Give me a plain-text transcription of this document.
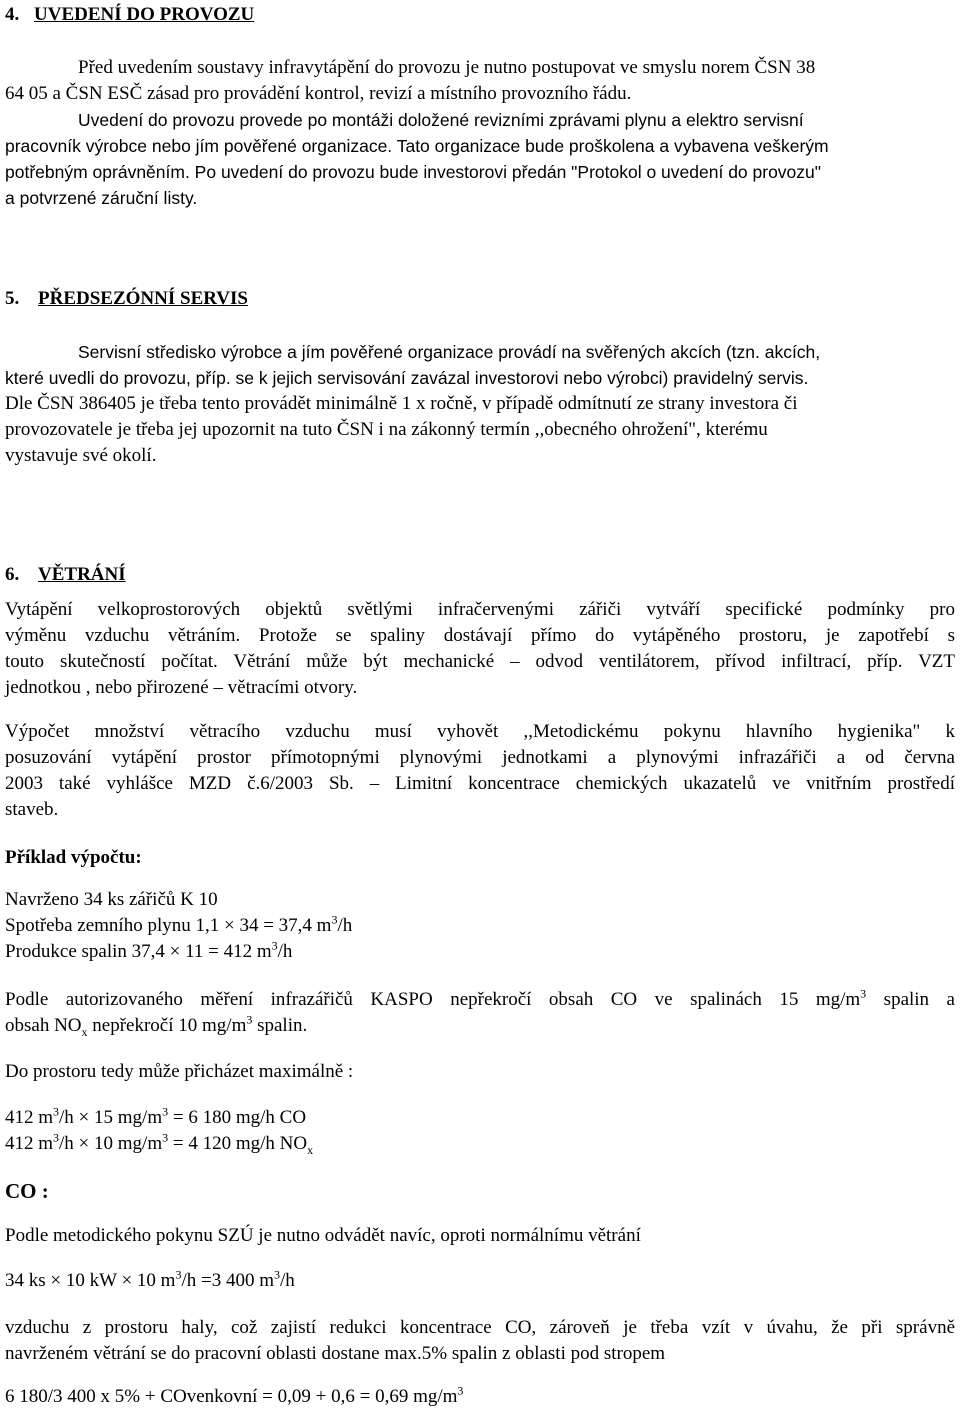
4. UVEDENÍ DO PROVOZU
Před uvedením soustavy infravytápění do provozu je nutno postupovat ve smyslu norem ČSN 38
64 05 a ČSN ESČ zásad pro provádění kontrol, revizí a místního provozního řádu.
Uvedení do provozu provede po montáži doložené revizními zprávami plynu a elektro servisní
pracovník výrobce nebo jím pověřené organizace. Tato organizace bude proškolena a vybavena veškerým
potřebným oprávněním. Po uvedení do provozu bude investorovi předán "Protokol o uvedení do provozu"
a potvrzené záruční listy.
5. PŘEDSEZÓNNÍ SERVIS
Servisní středisko výrobce a jím pověřené organizace provádí na svěřených akcích (tzn. akcích,
které uvedli do provozu, příp. se k jejich servisování zavázal investorovi nebo výrobci) pravidelný servis.
Dle ČSN 386405 je třeba tento provádět minimálně 1 x ročně, v případě odmítnutí ze strany investora či
provozovatele je třeba jej upozornit na tuto ČSN i na zákonný termín ,,obecného ohrožení", kterému
vystavuje své okolí.
6. VĚTRÁNÍ
Vytápění velkoprostorových objektů světlými infračervenými zářiči vytváří specifické podmínky pro
výměnu vzduchu větráním. Protože se spaliny dostávají přímo do vytápěného prostoru, je zapotřebí s
touto skutečností počítat. Větrání může být mechanické – odvod ventilátorem, přívod infiltrací, příp. VZT
jednotkou , nebo přirozené – větracími otvory.
Výpočet množství větracího vzduchu musí vyhovět ,,Metodickému pokynu hlavního hygienika" k
posuzování vytápění prostor přímotopnými plynovými jednotkami a plynovými infrazářiči a od června
2003 také vyhlášce MZD č.6/2003 Sb. – Limitní koncentrace chemických ukazatelů ve vnitřním prostředí
staveb.
Příklad výpočtu:
Navrženo 34 ks zářičů K 10
Spotřeba zemního plynu 1,1 × 34 = 37,4 $m^3/h$
Produkce spalin 37,4 × 11 = 412 $m^3/h$
Podle autorizovaného měření infrazářičů KASPO nepřekročí obsah CO ve spalinách 15 $mg/m^3$ spalin a
obsah $NO_x$ nepřekročí 10 $mg/m^3$ spalin.
Do prostoru tedy může přicházet maximálně :
412 $m^3/h \times 15$ $mg/m^3 = 6$ 180 mg/h CO
412 $m^3/h \times 10$ $mg/m^3 = 4$ 120 mg/h $NO_x$
CO :
Podle metodického pokynu SZÚ je nutno odvádět navíc, oproti normálnímu větrání
34 ks × 10 kW × 10 $m^3/h =3$ 400 $m^3/h$
vzduchu z prostoru haly, což zajistí redukci koncentrace CO, zároveň je třeba vzít v úvahu, že při správně
navrženém větrání se do pracovní oblasti dostane max.5% spalin z oblasti pod stropem
6 180/3 400 x 5% + COvenkovní = 0,09 + 0,6 = 0,69 $mg/m^3$
